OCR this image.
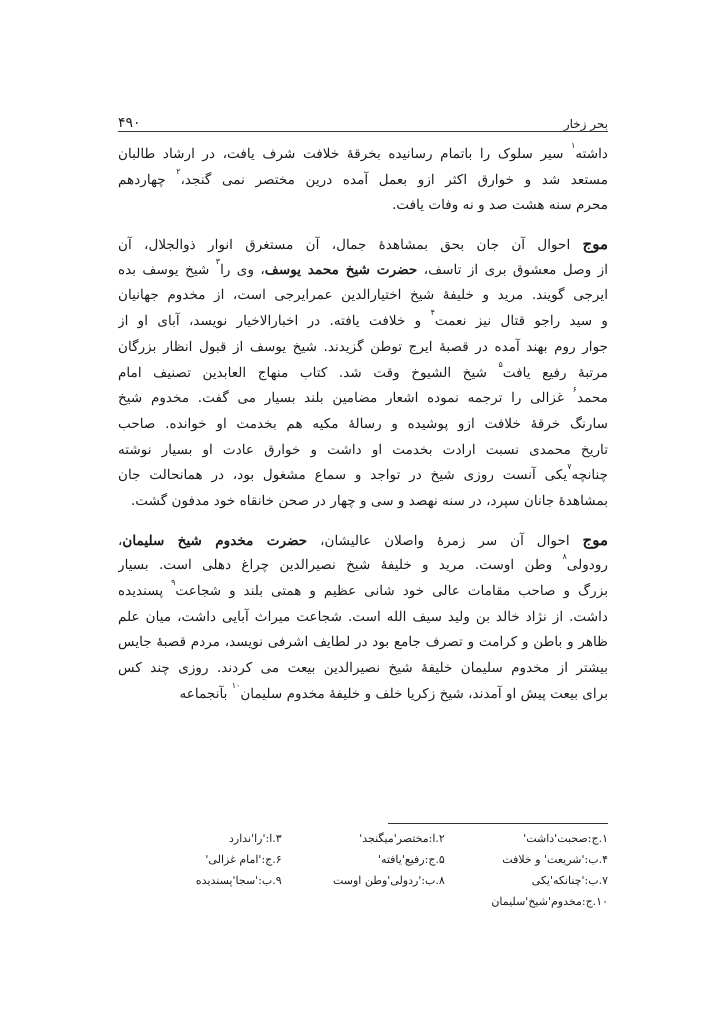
۴۹۰	بحر زخار
داشته$^۱$ سیر سلوک را باتمام رسانیده بخرقهٔ خلافت شرف یافت، در ارشاد طالبان
مستعد شد و خوارق اکثر ازو بعمل آمده درین مختصر نمی گنجد،$^۲$ چهاردهم
محرم سنه هشت صد و نه وفات یافت.
موج احوال آن جان بحق بمشاهدهٔ جمال، آن مستغرق انوار ذوالجلال، آن
از وصل معشوق بری از تاسف، حضرت شیخ محمد یوسف، وی را$^۳$ شیخ یوسف بده
ایرجی گویند. مرید و خلیفهٔ شیخ اختیارالدین عمرایرجی است، از مخدوم جهانیان
و سید راجو قتال نیز نعمت$^۴$ و خلافت یافته. در اخبارالاخیار نویسد، آبای او از
جوار روم بهند آمده در قصبهٔ ایرج توطن گزیدند. شیخ یوسف از قبول انظار بزرگان
مرتبهٔ رفیع یافت$^۵$ شیخ الشیوخ وقت شد. کتاب منهاج العابدین تصنیف امام
محمد$^۶$ غزالی را ترجمه نموده اشعار مضامین بلند بسیار می گفت. مخدوم شیخ
سارنگ خرقهٔ خلافت ازو پوشیده و رسالهٔ مکیه هم بخدمت او خوانده. صاحب
تاریخ محمدی نسبت ارادت بخدمت او داشت و خوارق عادت او بسیار نوشته
چنانچه$^۷$یکی آنست روزی شیخ در تواجد و سماع مشغول بود، در همانحالت جان
بمشاهدهٔ جانان سپرد، در سنه نهصد و سی و چهار در صحن خانقاه خود مدفون گشت.
موج احوال آن سر زمرهٔ واصلان عالیشان، حضرت مخدوم شیخ سلیمان،
رودولی$^۸$ وطن اوست. مرید و خلیفهٔ شیخ نصیرالدین چراغ دهلی است. بسیار
بزرگ و صاحب مقامات عالی خود شانی عظیم و همتی بلند و شجاعت$^۹$ پسندیده
داشت. از نژاد خالد بن ولید سیف الله است. شجاعت میراث آبایی داشت، میان علم
ظاهر و باطن و کرامت و تصرف جامع بود در لطایف اشرفی نویسد، مردم قصبهٔ جایس
بیشتر از مخدوم سلیمان خلیفهٔ شیخ نصیرالدین بیعت می کردند. روزی چند کس
برای بیعت پیش او آمدند، شیخ زکریا خلف و خلیفهٔ مخدوم سلیمان$^{۱۰}$ بآنجماعه
۱.ج:صحبت'داشت'
۲.ا:مختصر'میگنجد'
۳.ا:'را'ندارد
۴.ب:'شریعت' و خلافت
۵.ج:رفیع'یافته'
۶.ج:'امام غزالی'
۷.ب:'چنانکه'یکی
۸.ب:'ردولی'وطن اوست
۹.ب:'سجا'پسندیده
۱۰.ج:مخدوم'شیخ'سلیمان
